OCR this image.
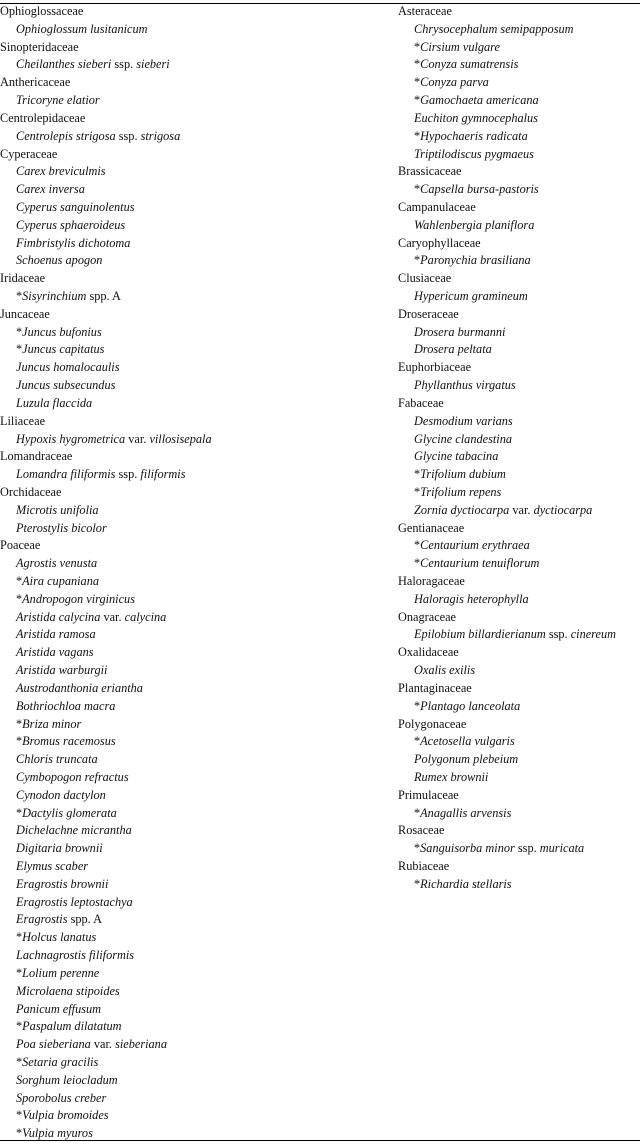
Ophioglossaceae
Ophioglossum lusitanicum
Sinopteridaceae
Cheilanthes sieberi ssp. sieberi
Anthericaceae
Tricoryne elatior
Centrolepidaceae
Centrolepis strigosa ssp. strigosa
Cyperaceae
Carex breviculmis
Carex inversa
Cyperus sanguinolentus
Cyperus sphaeroideus
Fimbristylis dichotoma
Schoenus apogon
Iridaceae
*Sisyrinchium spp. A
Juncaceae
*Juncus bufonius
*Juncus capitatus
Juncus homalocaulis
Juncus subsecundus
Luzula flaccida
Liliaceae
Hypoxis hygrometrica var. villosisepala
Lomandraceae
Lomandra filiformis ssp. filiformis
Orchidaceae
Microtis unifolia
Pterostylis bicolor
Poaceae
Agrostis venusta
*Aira cupaniana
*Andropogon virginicus
Aristida calycina var. calycina
Aristida ramosa
Aristida vagans
Aristida warburgii
Austrodanthonia eriantha
Bothriochloa macra
*Briza minor
*Bromus racemosus
Chloris truncata
Cymbopogon refractus
Cynodon dactylon
*Dactylis glomerata
Dichelachne micrantha
Digitaria brownii
Elymus scaber
Eragrostis brownii
Eragrostis leptostachya
Eragrostis spp. A
*Holcus lanatus
Lachnagrostis filiformis
*Lolium perenne
Microlaena stipoides
Panicum effusum
*Paspalum dilatatum
Poa sieberiana var. sieberiana
*Setaria gracilis
Sorghum leiocladum
Sporobolus creber
*Vulpia bromoides
*Vulpia myuros
Asteraceae
Chrysocephalum semipapposum
*Cirsium vulgare
*Conyza sumatrensis
*Conyza parva
*Gamochaeta americana
Euchiton gymnocephalus
*Hypochaeris radicata
Triptilodiscus pygmaeus
Brassicaceae
*Capsella bursa-pastoris
Campanulaceae
Wahlenbergia planiflora
Caryophyllaceae
*Paronychia brasiliana
Clusiaceae
Hypericum gramineum
Droseraceae
Drosera burmanni
Drosera peltata
Euphorbiaceae
Phyllanthus virgatus
Fabaceae
Desmodium varians
Glycine clandestina
Glycine tabacina
*Trifolium dubium
*Trifolium repens
Zornia dyctiocarpa var. dyctiocarpa
Gentianaceae
*Centaurium erythraea
*Centaurium tenuiflorum
Haloragaceae
Haloragis heterophylla
Onagraceae
Epilobium billardierianum ssp. cinereum
Oxalidaceae
Oxalis exilis
Plantaginaceae
*Plantago lanceolata
Polygonaceae
*Acetosella vulgaris
Polygonum plebeium
Rumex brownii
Primulaceae
*Anagallis arvensis
Rosaceae
*Sanguisorba minor ssp. muricata
Rubiaceae
*Richardia stellaris
